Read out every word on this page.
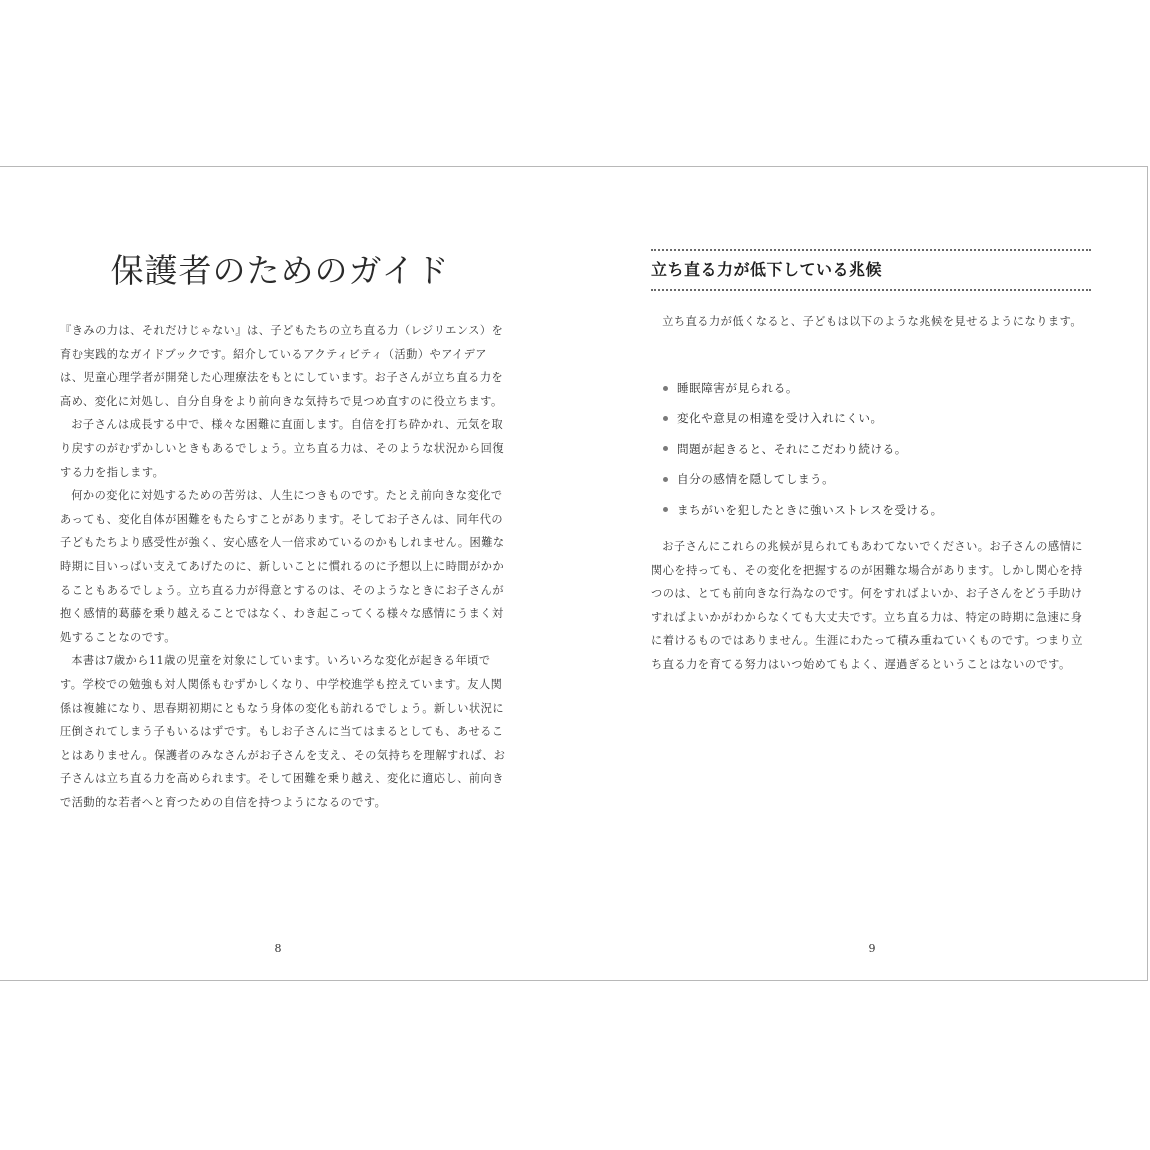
保護者のためのガイド

『きみの力は、それだけじゃない』は、子どもたちの立ち直る力（レジリエンス）を育む実践的なガイドブックです。紹介しているアクティビティ（活動）やアイデアは、児童心理学者が開発した心理療法をもとにしています。お子さんが立ち直る力を高め、変化に対処し、自分自身をより前向きな気持ちで見つめ直すのに役立ちます。

お子さんは成長する中で、様々な困難に直面します。自信を打ち砕かれ、元気を取り戻すのがむずかしいときもあるでしょう。立ち直る力は、そのような状況から回復する力を指します。

何かの変化に対処するための苦労は、人生につきものです。たとえ前向きな変化であっても、変化自体が困難をもたらすことがあります。そしてお子さんは、同年代の子どもたちより感受性が強く、安心感を人一倍求めているのかもしれません。困難な時期に目いっぱい支えてあげたのに、新しいことに慣れるのに予想以上に時間がかかることもあるでしょう。立ち直る力が得意とするのは、そのようなときにお子さんが抱く感情的葛藤を乗り越えることではなく、わき起こってくる様々な感情にうまく対処することなのです。

本書は7歳から11歳の児童を対象にしています。いろいろな変化が起きる年頃です。学校での勉強も対人関係もむずかしくなり、中学校進学も控えています。友人関係は複雑になり、思春期初期にともなう身体の変化も訪れるでしょう。新しい状況に圧倒されてしまう子もいるはずです。もしお子さんに当てはまるとしても、あせることはありません。保護者のみなさんがお子さんを支え、その気持ちを理解すれば、お子さんは立ち直る力を高められます。そして困難を乗り越え、変化に適応し、前向きで活動的な若者へと育つための自信を持つようになるのです。

8
立ち直る力が低下している兆候

立ち直る力が低くなると、子どもは以下のような兆候を見せるようになります。

睡眠障害が見られる。
変化や意見の相違を受け入れにくい。
問題が起きると、それにこだわり続ける。
自分の感情を隠してしまう。
まちがいを犯したときに強いストレスを受ける。

お子さんにこれらの兆候が見られてもあわてないでください。お子さんの感情に関心を持っても、その変化を把握するのが困難な場合があります。しかし関心を持つのは、とても前向きな行為なのです。何をすればよいか、お子さんをどう手助けすればよいかがわからなくても大丈夫です。立ち直る力は、特定の時期に急速に身に着けるものではありません。生涯にわたって積み重ねていくものです。つまり立ち直る力を育てる努力はいつ始めてもよく、遅過ぎるということはないのです。

9
